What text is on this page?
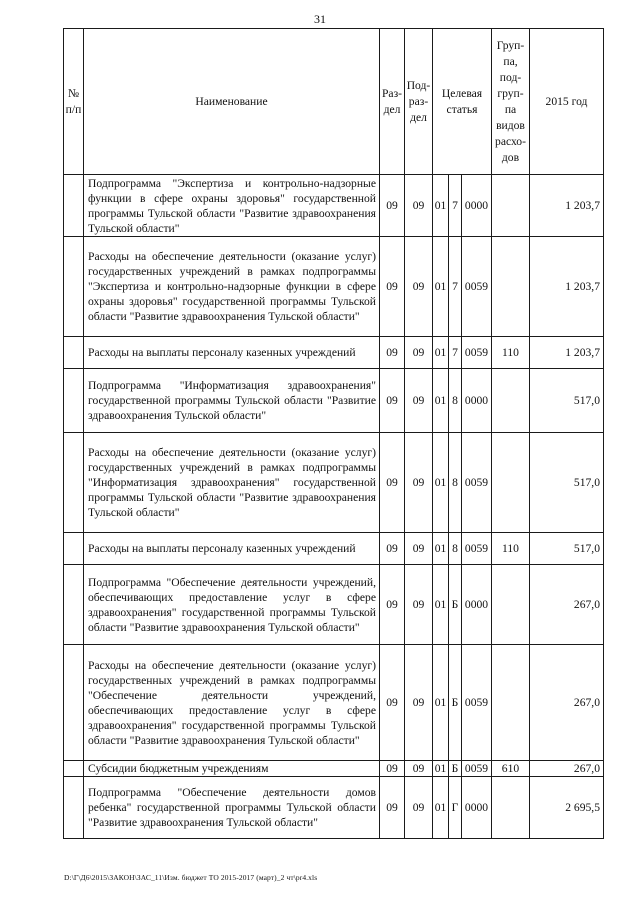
31
№ п/п	Наименование	Раз- дел	Под- раз- дел	Целевая статья			Груп- па, под- груп- па видов расхо- дов	2015 год
	Подпрограмма "Экспертиза и контрольно-надзорные функции в сфере охраны здоровья" государственной программы Тульской области "Развитие здравоохранения Тульской области"	09	09	01	7	0000		1 203,7
	Расходы на обеспечение деятельности (оказание услуг) государственных учреждений в рамках подпрограммы "Экспертиза и контрольно-надзорные функции в сфере охраны здоровья" государственной программы Тульской области "Развитие здравоохранения Тульской области"	09	09	01	7	0059		1 203,7
	Расходы на выплаты персоналу казенных учреждений	09	09	01	7	0059	110	1 203,7
	Подпрограмма "Информатизация здравоохранения" государственной программы Тульской области "Развитие здравоохранения Тульской области"	09	09	01	8	0000		517,0
	Расходы на обеспечение деятельности (оказание услуг) государственных учреждений в рамках подпрограммы "Информатизация здравоохранения" государственной программы Тульской области "Развитие здравоохранения Тульской области"	09	09	01	8	0059		517,0
	Расходы на выплаты персоналу казенных учреждений	09	09	01	8	0059	110	517,0
	Подпрограмма "Обеспечение деятельности учреждений, обеспечивающих предоставление услуг в сфере здравоохранения" государственной программы Тульской области "Развитие здравоохранения Тульской области"	09	09	01	Б	0000		267,0
	Расходы на обеспечение деятельности (оказание услуг) государственных учреждений в рамках подпрограммы "Обеспечение деятельности учреждений, обеспечивающих предоставление услуг в сфере здравоохранения" государственной программы Тульской области "Развитие здравоохранения Тульской области"	09	09	01	Б	0059		267,0
	Субсидии бюджетным учреждениям	09	09	01	Б	0059	610	267,0
	Подпрограмма "Обеспечение деятельности домов ребенка" государственной программы Тульской области "Развитие здравоохранения Тульской области"	09	09	01	Г	0000		2 695,5
D:\Г\Д6\2015\ЗАКОН\ЗАС_11\Изм. бюджет ТО 2015-2017 (март)_2 чт\pr4.xls
